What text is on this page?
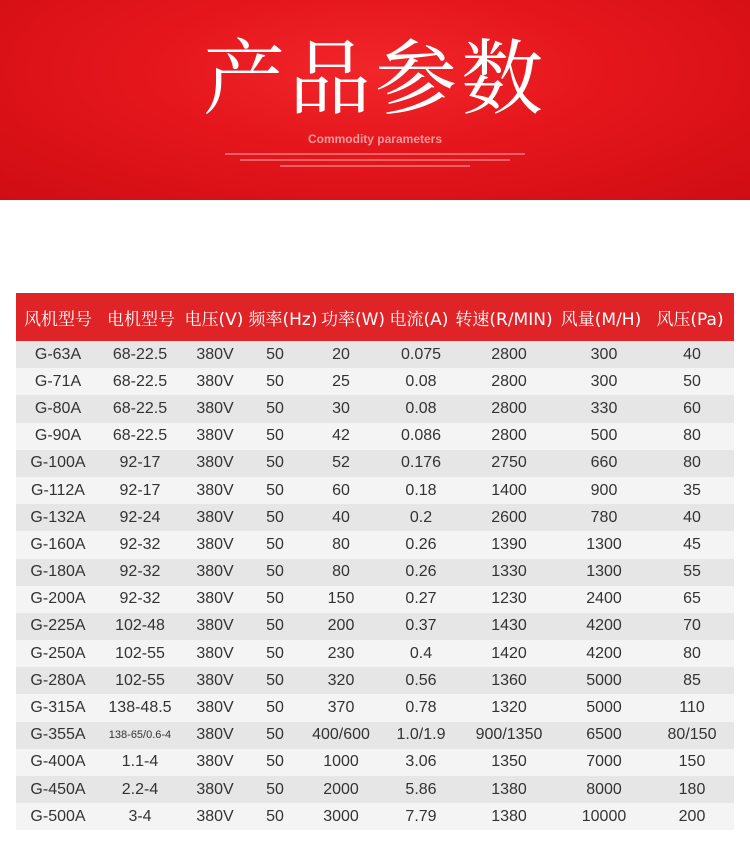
产品参数
Commodity parameters
风机型号 电机型号 电压(V) 频率(Hz) 功率(W) 电流(A) 转速(R/MIN) 风量(M/H) 风压(Pa)
G-63A	68-22.5	380V	50	20	0.075	2800	300	40
G-71A	68-22.5	380V	50	25	0.08	2800	300	50
G-80A	68-22.5	380V	50	30	0.08	2800	330	60
G-90A	68-22.5	380V	50	42	0.086	2800	500	80
G-100A	92-17	380V	50	52	0.176	2750	660	80
G-112A	92-17	380V	50	60	0.18	1400	900	35
G-132A	92-24	380V	50	40	0.2	2600	780	40
G-160A	92-32	380V	50	80	0.26	1390	1300	45
G-180A	92-32	380V	50	80	0.26	1330	1300	55
G-200A	92-32	380V	50	150	0.27	1230	2400	65
G-225A	102-48	380V	50	200	0.37	1430	4200	70
G-250A	102-55	380V	50	230	0.4	1420	4200	80
G-280A	102-55	380V	50	320	0.56	1360	5000	85
G-315A	138-48.5	380V	50	370	0.78	1320	5000	110
G-355A	138-65/0.6-4	380V	50	400/600	1.0/1.9	900/1350	6500	80/150
G-400A	1.1-4	380V	50	1000	3.06	1350	7000	150
G-450A	2.2-4	380V	50	2000	5.86	1380	8000	180
G-500A	3-4	380V	50	3000	7.79	1380	10000	200
